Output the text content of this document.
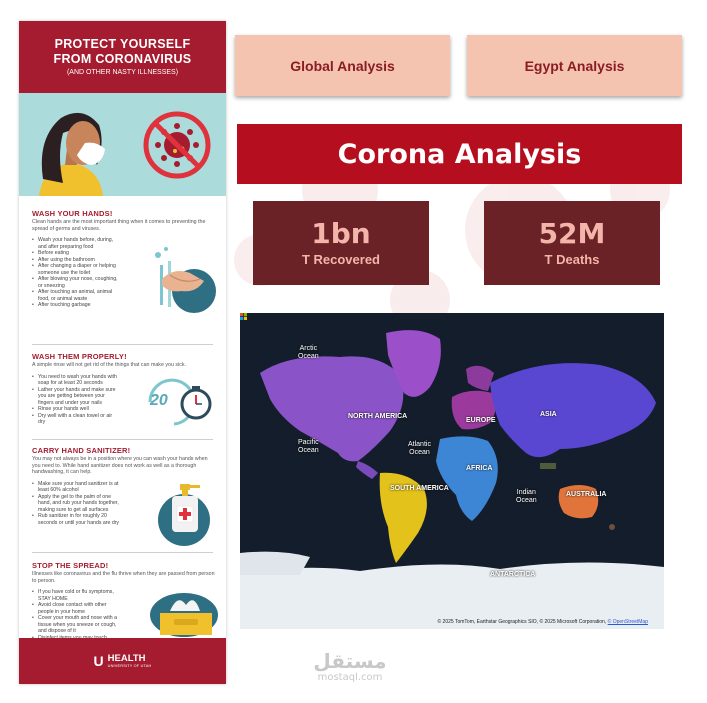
PROTECT YOURSELF
FROM CORONAVIRUS
(AND OTHER NASTY ILLNESSES)
WASH YOUR HANDS!
Clean hands are the most important thing when it comes to preventing the spread of germs and viruses.
• Wash your hands before, during, and after preparing food
• Before eating
• After using the bathroom
• After changing a diaper or helping someone use the toilet
• After blowing your nose, coughing, or sneezing
• After touching an animal, animal food, or animal waste
• After touching garbage
WASH THEM PROPERLY!
A simple rinse will not get rid of the things that can make you sick.
• You need to wash your hands with soap for at least 20 seconds
• Lather your hands and make sure you are getting between your fingers and under your nails
• Rinse your hands well
• Dry well with a clean towel or air dry
20
CARRY HAND SANITIZER!
You may not always be in a position where you can wash your hands when you need to. While hand sanitizer does not work as well as a thorough handwashing, it can help.
• Make sure your hand sanitizer is at least 60% alcohol
• Apply the gel to the palm of one hand, and rub your hands together, making sure to get all surfaces
• Rub sanitizer in for roughly 20 seconds or until your hands are dry
STOP THE SPREAD!
Illnesses like coronavirus and the flu thrive when they are passed from person to person.
• If you have cold or flu symptoms, STAY HOME
• Avoid close contact with other people in your home
• Cover your mouth and nose with a tissue when you sneeze or cough, and dispose of it
•
U HEALTH
UNIVERSITY OF UTAH
Global Analysis	Egypt Analysis
Corona Analysis
1bn
T Recovered
52M
T Deaths
Arctic
Ocean
Pacific
Ocean
Atlantic
Ocean
Indian
Ocean
NORTH AMERICA
SOUTH AMERICA
EUROPE
ASIA
AFRICA
AUSTRALIA
ANTARCTICA
© 2025 TomTom, Earthstar Geographics SIO, © 2025 Microsoft Corporation, © OpenStreetMap
مستقل
mostaql.com
